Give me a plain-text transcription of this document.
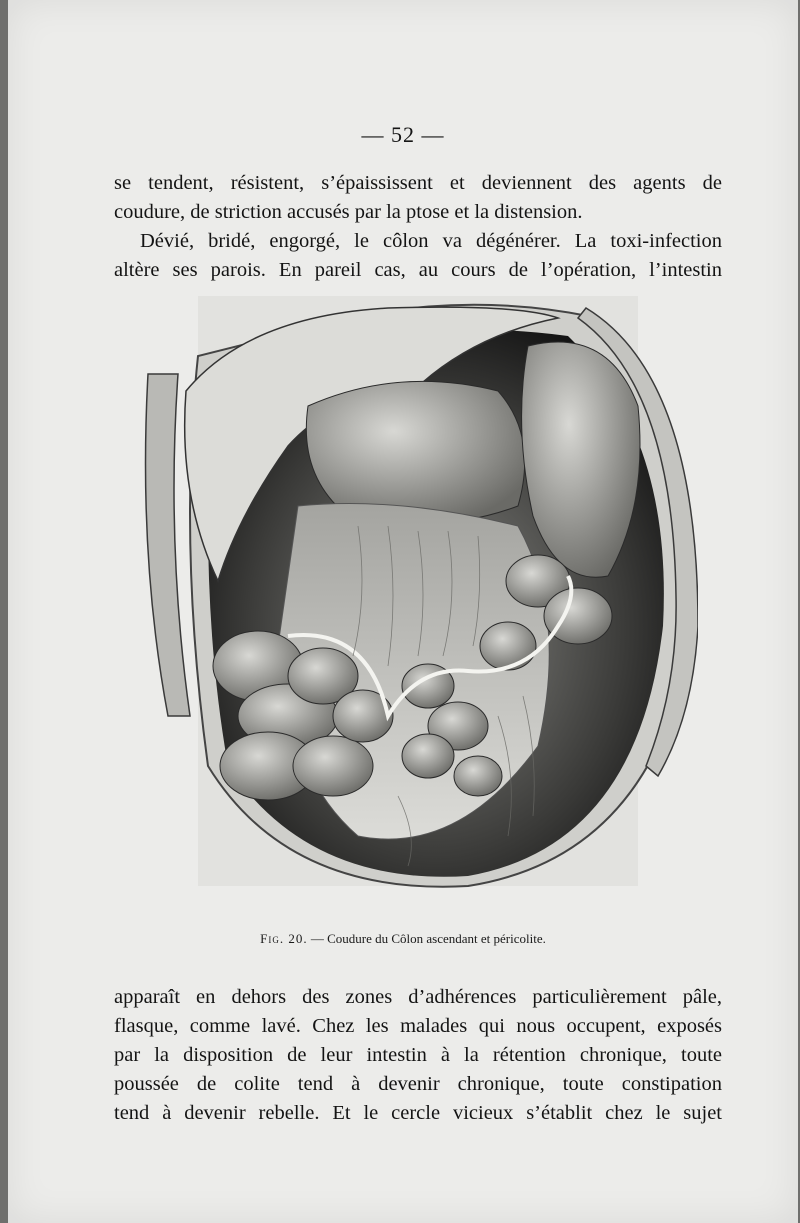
— 52 —
se tendent, résistent, s’épaississent et deviennent des agents de
coudure, de striction accusés par la ptose et la distension.
Dévié, bridé, engorgé, le côlon va dégénérer. La toxi-infection
altère ses parois. En pareil cas, au cours de l’opération, l’intestin
Fig. 20. — Coudure du Côlon ascendant et péricolite.
apparaît en dehors des zones d’adhérences particulièrement pâle,
flasque, comme lavé. Chez les malades qui nous occupent, exposés
par la disposition de leur intestin à la rétention chronique, toute
poussée de colite tend à devenir chronique, toute constipation
tend à devenir rebelle. Et le cercle vicieux s’établit chez le sujet
